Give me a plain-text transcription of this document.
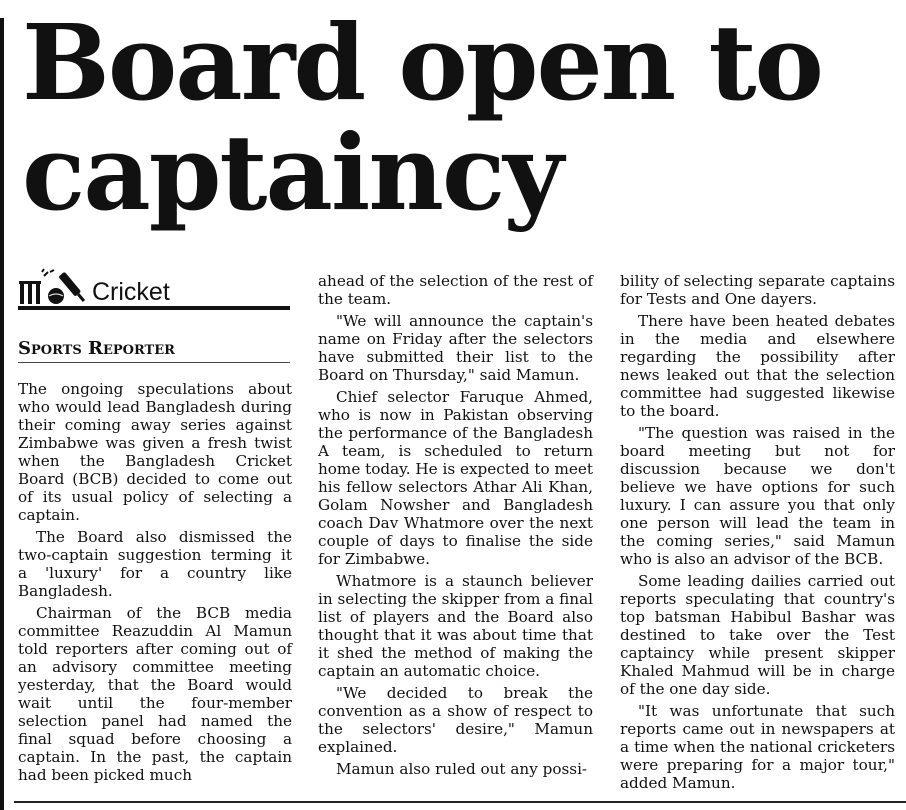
Board open to captaincy
Cricket
Sports Reporter

The ongoing speculations about who would lead Bangladesh during their coming away series against Zimbabwe was given a fresh twist when the Bangladesh Cricket Board (BCB) decided to come out of its usual policy of selecting a captain.

The Board also dismissed the two-captain suggestion terming it a 'luxury' for a country like Bangladesh.

Chairman of the BCB media committee Reazuddin Al Mamun told reporters after coming out of an advisory committee meeting yesterday, that the Board would wait until the four-member selection panel had named the final squad before choosing a captain. In the past, the captain had been picked much

ahead of the selection of the rest of the team.

"We will announce the captain's name on Friday after the selectors have submitted their list to the Board on Thursday," said Mamun.

Chief selector Faruque Ahmed, who is now in Pakistan observing the performance of the Bangladesh A team, is scheduled to return home today. He is expected to meet his fellow selectors Athar Ali Khan, Golam Nowsher and Bangladesh coach Dav Whatmore over the next couple of days to finalise the side for Zimbabwe.

Whatmore is a staunch believer in selecting the skipper from a final list of players and the Board also thought that it was about time that it shed the method of making the captain an automatic choice.

"We decided to break the convention as a show of respect to the selectors' desire," Mamun explained.

Mamun also ruled out any possi-

bility of selecting separate captains for Tests and One dayers.

There have been heated debates in the media and elsewhere regarding the possibility after news leaked out that the selection committee had suggested likewise to the board.

"The question was raised in the board meeting but not for discussion because we don't believe we have options for such luxury. I can assure you that only one person will lead the team in the coming series," said Mamun who is also an advisor of the BCB.

Some leading dailies carried out reports speculating that country's top batsman Habibul Bashar was destined to take over the Test captaincy while present skipper Khaled Mahmud will be in charge of the one day side.

"It was unfortunate that such reports came out in newspapers at a time when the national cricketers were preparing for a major tour," added Mamun.
